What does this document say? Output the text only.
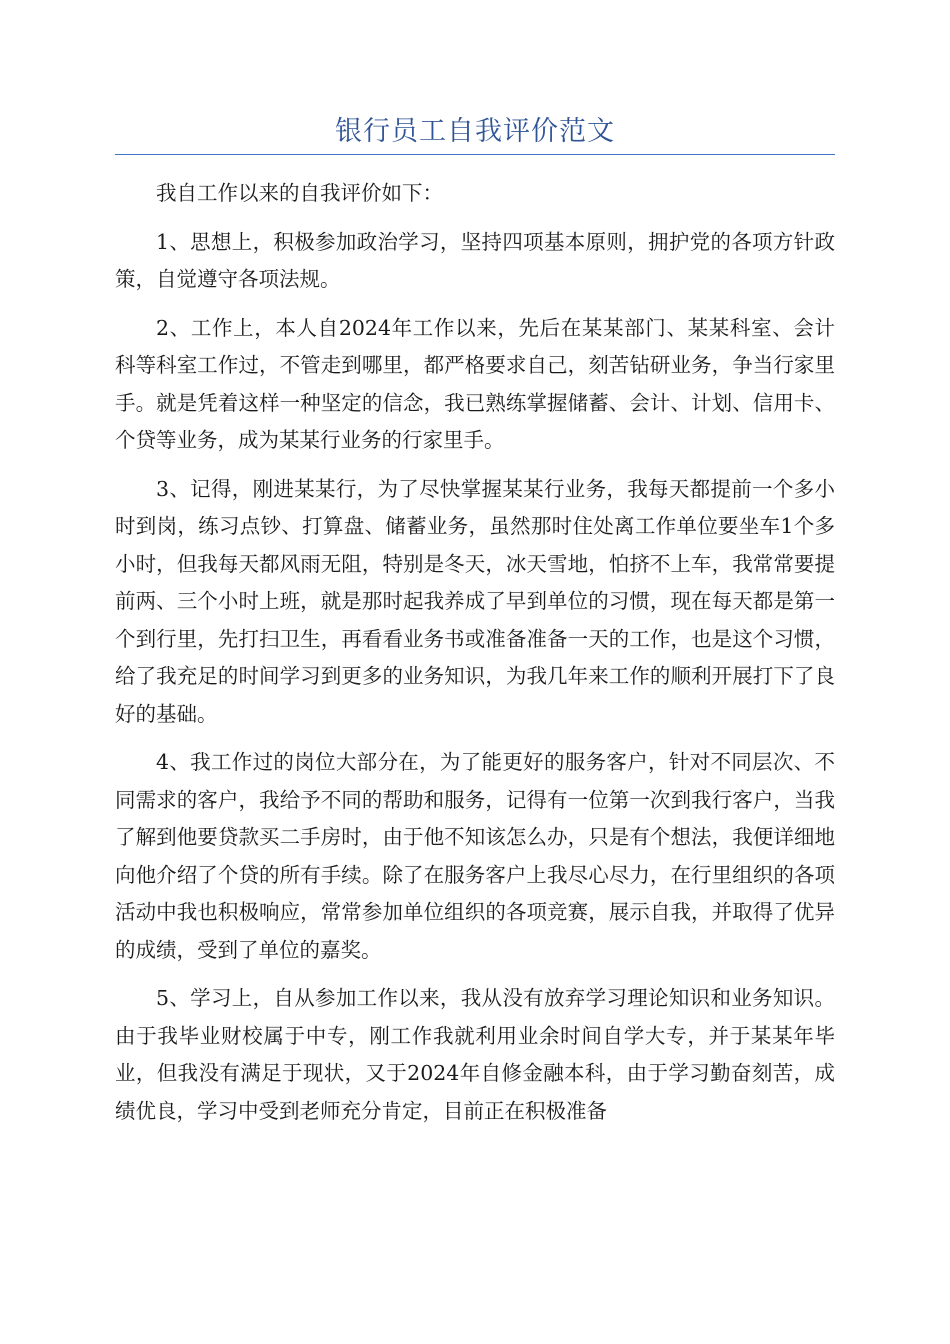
银行员工自我评价范文

我自工作以来的自我评价如下：

1、思想上，积极参加政治学习，坚持四项基本原则，拥护党的各项方针政策，自觉遵守各项法规。

2、工作上，本人自2024年工作以来，先后在某某部门、某某科室、会计科等科室工作过，不管走到哪里，都严格要求自己，刻苦钻研业务，争当行家里手。就是凭着这样一种坚定的信念，我已熟练掌握储蓄、会计、计划、信用卡、个贷等业务，成为某某行业务的行家里手。

3、记得，刚进某某行，为了尽快掌握某某行业务，我每天都提前一个多小时到岗，练习点钞、打算盘、储蓄业务，虽然那时住处离工作单位要坐车1个多小时，但我每天都风雨无阻，特别是冬天，冰天雪地，怕挤不上车，我常常要提前两、三个小时上班，就是那时起我养成了早到单位的习惯，现在每天都是第一个到行里，先打扫卫生，再看看业务书或准备准备一天的工作，也是这个习惯，给了我充足的时间学习到更多的业务知识，为我几年来工作的顺利开展打下了良好的基础。

4、我工作过的岗位大部分在，为了能更好的服务客户，针对不同层次、不同需求的客户，我给予不同的帮助和服务，记得有一位第一次到我行客户，当我了解到他要贷款买二手房时，由于他不知该怎么办，只是有个想法，我便详细地向他介绍了个贷的所有手续。除了在服务客户上我尽心尽力，在行里组织的各项活动中我也积极响应，常常参加单位组织的各项竞赛，展示自我，并取得了优异的成绩，受到了单位的嘉奖。

5、学习上，自从参加工作以来，我从没有放弃学习理论知识和业务知识。由于我毕业财校属于中专，刚工作我就利用业余时间自学大专，并于某某年毕业，但我没有满足于现状，又于2024年自修金融本科，由于学习勤奋刻苦，成绩优良，学习中受到老师充分肯定，目前正在积极准备
